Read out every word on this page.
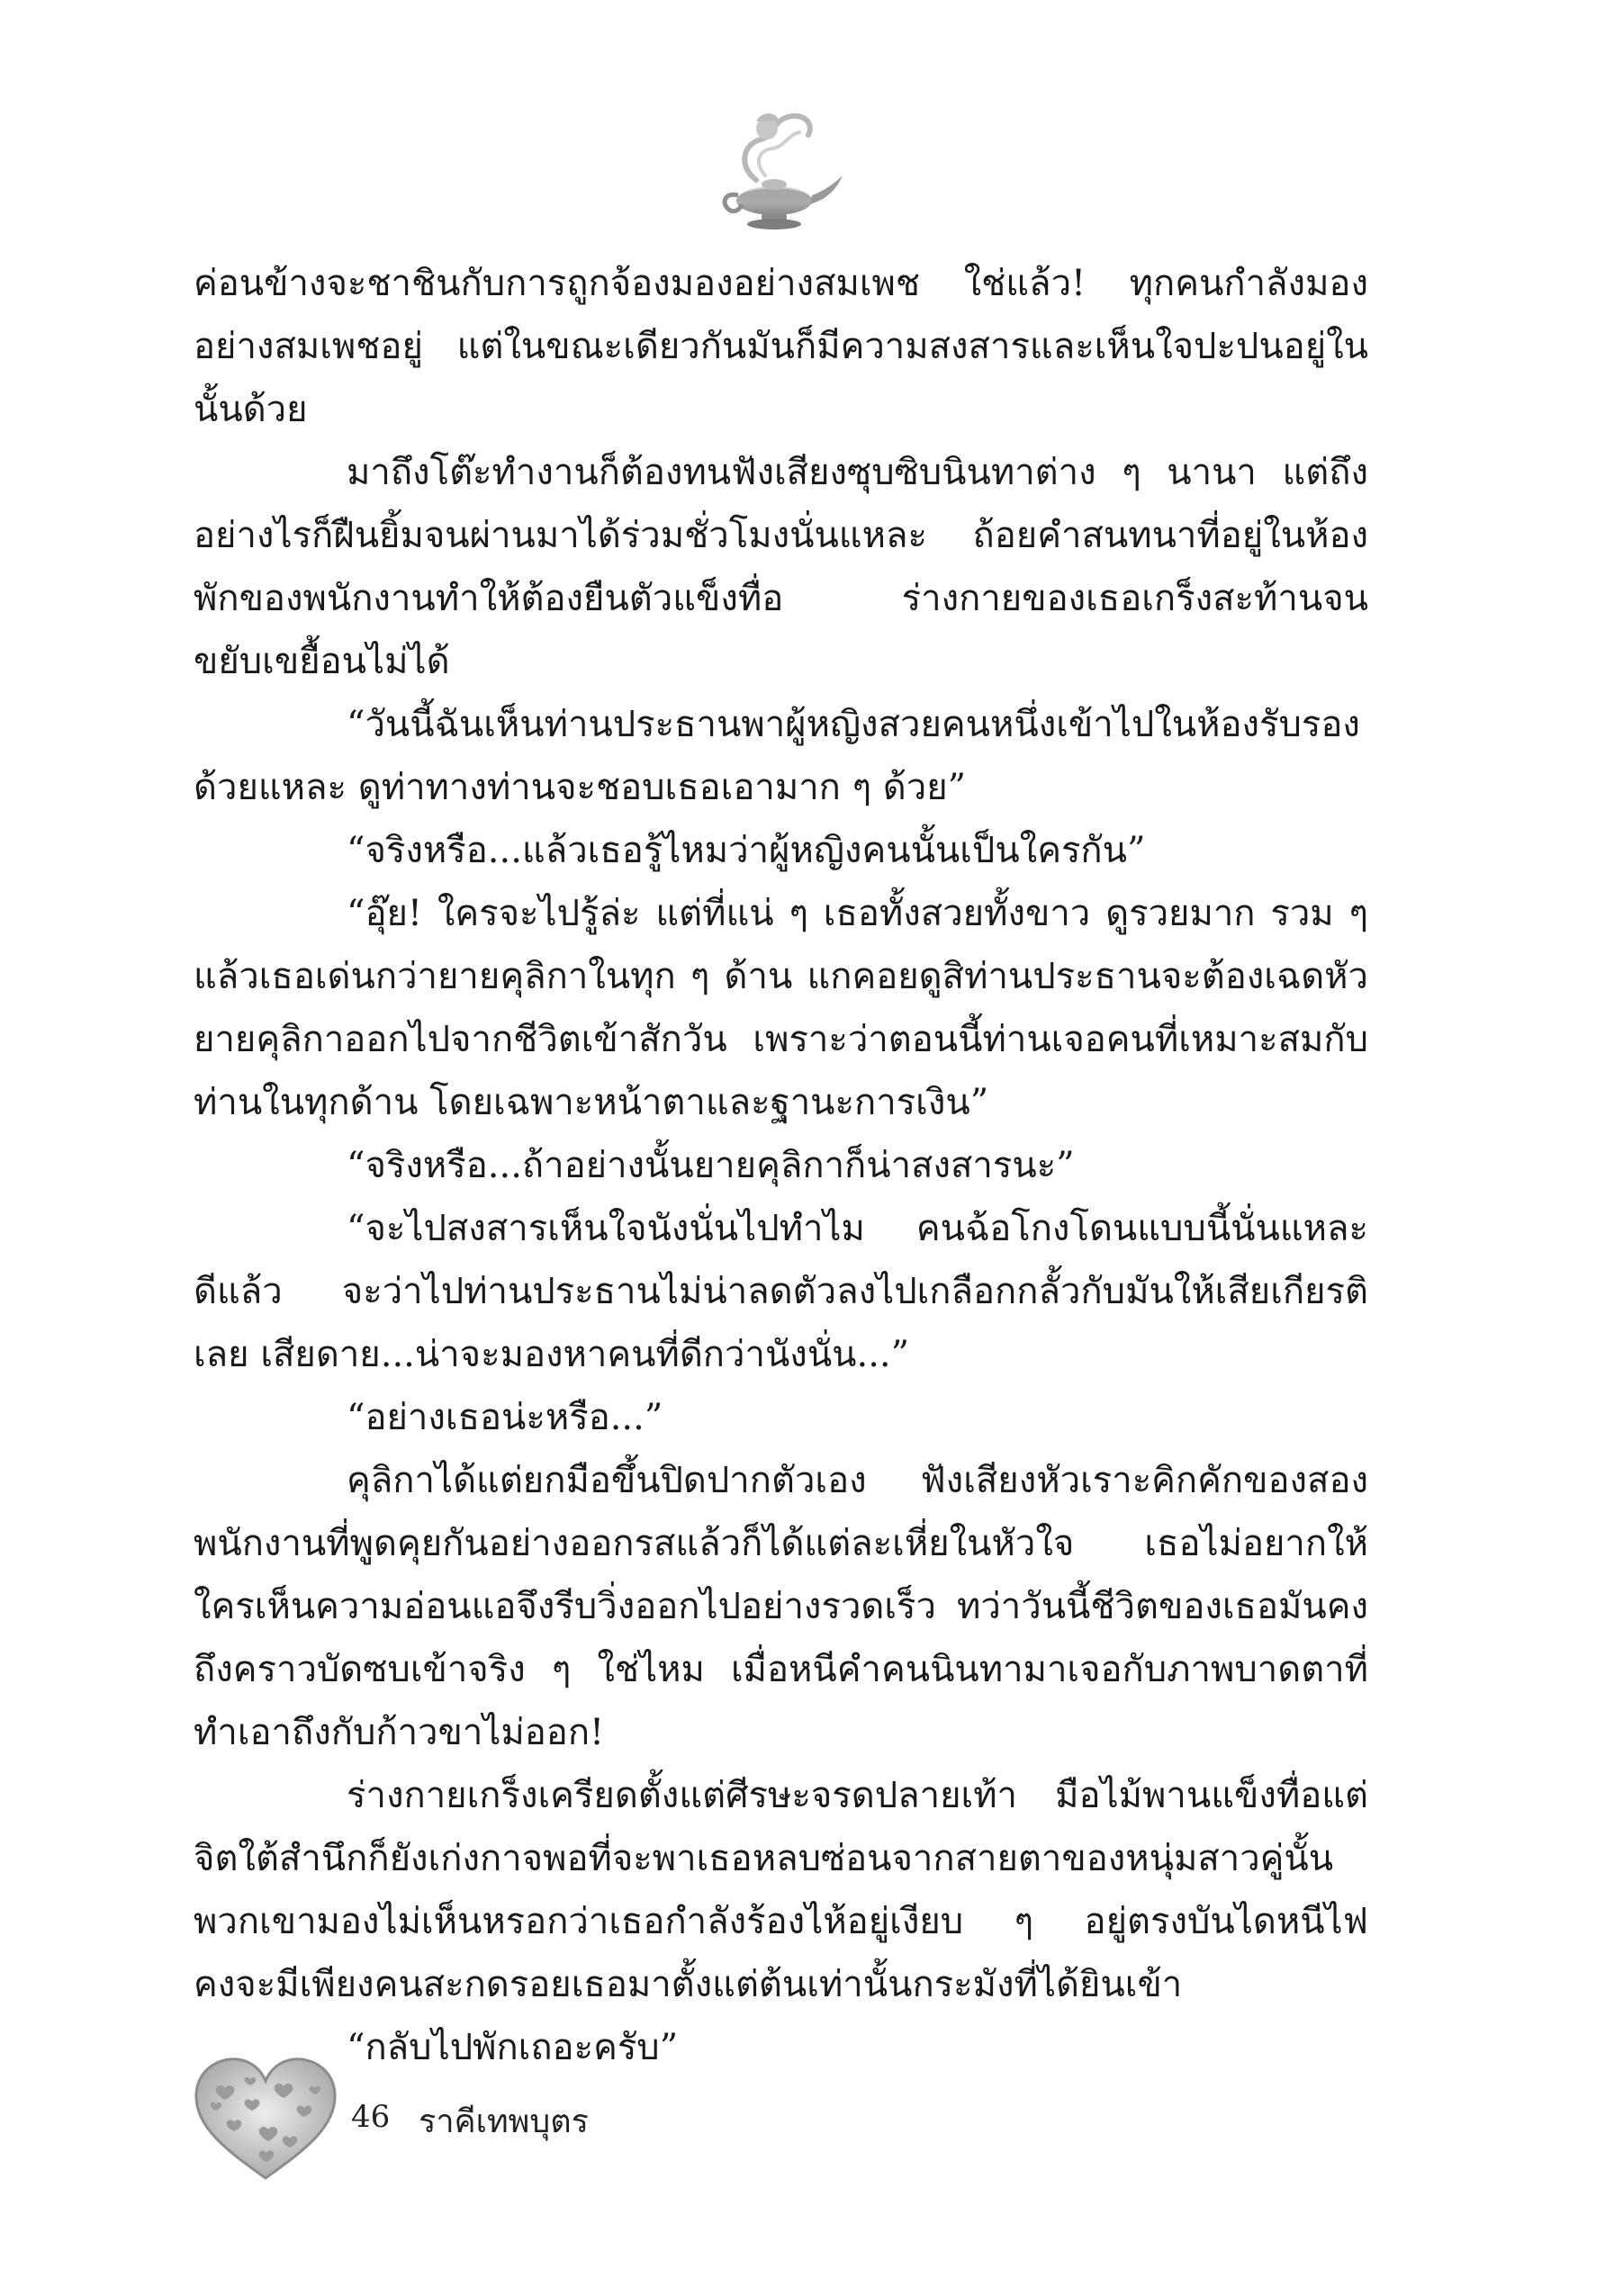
ค่อนข้างจะชาชินกับการถูกจ้องมองอย่างสมเพช ใช่แล้ว! ทุกคนกำลังมองอย่างสมเพชอยู่ แต่ในขณะเดียวกันมันก็มีความสงสารและเห็นใจปะปนอยู่ในนั้นด้วย

มาถึงโต๊ะทำงานก็ต้องทนฟังเสียงซุบซิบนินทาต่าง ๆ นานา แต่ถึงอย่างไรก็ฝืนยิ้มจนผ่านมาได้ร่วมชั่วโมงนั่นแหละ ถ้อยคำสนทนาที่อยู่ในห้องพักของพนักงานทำให้ต้องยืนตัวแข็งทื่อ ร่างกายของเธอเกร็งสะท้านจนขยับเขยื้อนไม่ได้

“วันนี้ฉันเห็นท่านประธานพาผู้หญิงสวยคนหนึ่งเข้าไปในห้องรับรองด้วยแหละ ดูท่าทางท่านจะชอบเธอเอามาก ๆ ด้วย”

“จริงหรือ...แล้วเธอรู้ไหมว่าผู้หญิงคนนั้นเป็นใครกัน”

“อุ๊ย! ใครจะไปรู้ล่ะ แต่ที่แน่ ๆ เธอทั้งสวยทั้งขาว ดูรวยมาก รวม ๆ แล้วเธอเด่นกว่ายายคุลิกาในทุก ๆ ด้าน แกคอยดูสิท่านประธานจะต้องเฉดหัวยายคุลิกาออกไปจากชีวิตเข้าสักวัน เพราะว่าตอนนี้ท่านเจอคนที่เหมาะสมกับท่านในทุกด้าน โดยเฉพาะหน้าตาและฐานะการเงิน”

“จริงหรือ...ถ้าอย่างนั้นยายคุลิกาก็น่าสงสารนะ”

“จะไปสงสารเห็นใจนังนั่นไปทำไม คนฉ้อโกงโดนแบบนี้นั่นแหละดีแล้ว จะว่าไปท่านประธานไม่น่าลดตัวลงไปเกลือกกลั้วกับมันให้เสียเกียรติเลย เสียดาย...น่าจะมองหาคนที่ดีกว่านังนั่น...”

“อย่างเธอน่ะหรือ...”

คุลิกาได้แต่ยกมือขึ้นปิดปากตัวเอง ฟังเสียงหัวเราะคิกคักของสองพนักงานที่พูดคุยกันอย่างออกรสแล้วก็ได้แต่ละเหี่ยในหัวใจ เธอไม่อยากให้ใครเห็นความอ่อนแอจึงรีบวิ่งออกไปอย่างรวดเร็ว ทว่าวันนี้ชีวิตของเธอมันคงถึงคราวบัดซบเข้าจริง ๆ ใช่ไหม เมื่อหนีคำคนนินทามาเจอกับภาพบาดตาที่ทำเอาถึงกับก้าวขาไม่ออก!

ร่างกายเกร็งเครียดตั้งแต่ศีรษะจรดปลายเท้า มือไม้พานแข็งทื่อแต่จิตใต้สำนึกก็ยังเก่งกาจพอที่จะพาเธอหลบซ่อนจากสายตาของหนุ่มสาวคู่นั้น พวกเขามองไม่เห็นหรอกว่าเธอกำลังร้องไห้อยู่เงียบ ๆ อยู่ตรงบันไดหนีไฟคงจะมีเพียงคนสะกดรอยเธอมาตั้งแต่ต้นเท่านั้นกระมังที่ได้ยินเข้า

“กลับไปพักเถอะครับ”

46 ราคีเทพบุตร
